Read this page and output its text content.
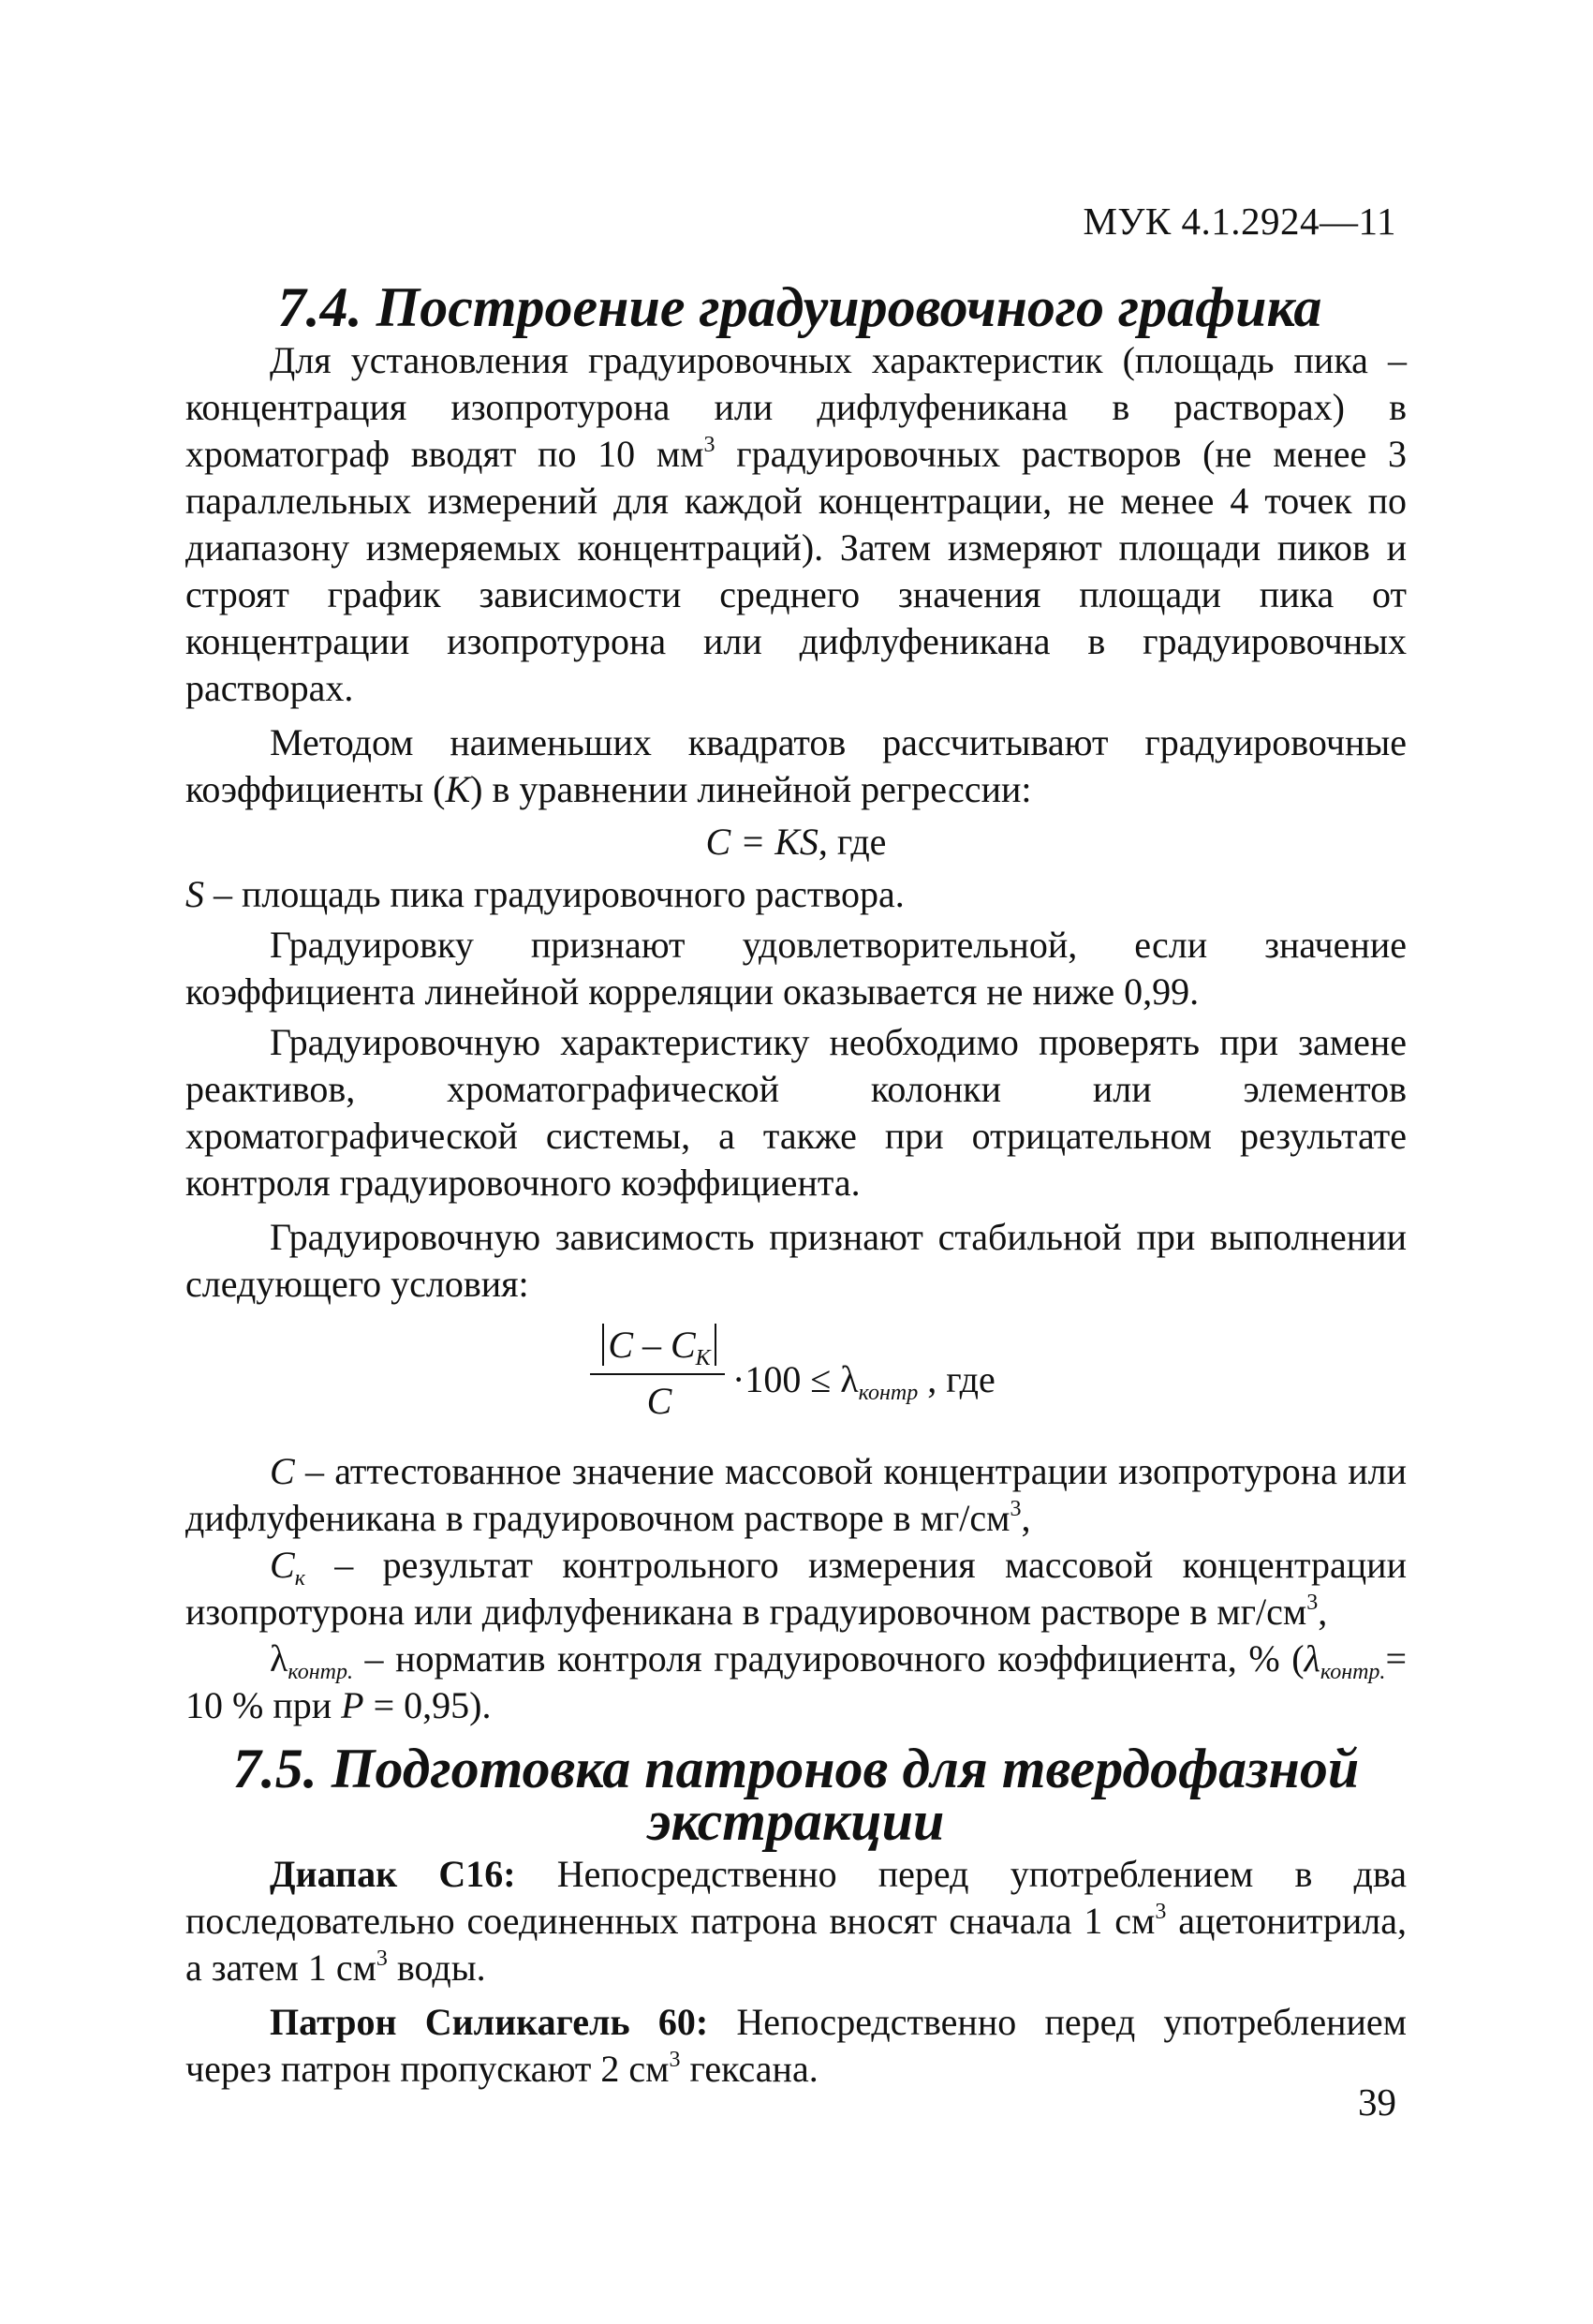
МУК 4.1.2924—11
7.4. Построение градуировочного графика

Для установления градуировочных характеристик (площадь пика – концентрация изопротурона или дифлуфеникана в растворах) в хроматограф вводят по 10 $мм^3$ градуировочных растворов (не менее 3 параллельных измерений для каждой концентрации, не менее 4 точек по диапазону измеряемых концентраций). Затем измеряют площади пиков и строят график зависимости среднего значения площади пика от концентрации изопротурона или дифлуфеникана в градуировочных растворах.

Методом наименьших квадратов рассчитывают градуировочные коэффициенты (K) в уравнении линейной регрессии:

C = KS, где

S – площадь пика градуировочного раствора.

Градуировку признают удовлетворительной, если значение коэффициента линейной корреляции оказывается не ниже 0,99.

Градуировочную характеристику необходимо проверять при замене реактивов, хроматографической колонки или элементов хроматографической системы, а также при отрицательном результате контроля градуировочного коэффициента.

Градуировочную зависимость признают стабильной при выполнении следующего условия:

C – $C_K$
C
$\cdot 100 \le \lambda_{контр}$ , где

C – аттестованное значение массовой концентрации изопротурона или дифлуфеникана в градуировочном растворе в $мг/см^3$,

$C_к$ – результат контрольного измерения массовой концентрации изопротурона или дифлуфеникана в градуировочном растворе в $мг/см^3$,

$\lambda_{контр.}$ – норматив контроля градуировочного коэффициента, % ($\lambda_{контр.}= 10$ % при P = 0,95).

7.5. Подготовка патронов для твердофазной экстракции

Диапак С16: Непосредственно перед употреблением в два последовательно соединенных патрона вносят сначала 1 $см^3$ ацетонитрила, а затем 1 $см^3$ воды.

Патрон Силикагель 60: Непосредственно перед употреблением через патрон пропускают 2 $см^3$ гексана.

39
